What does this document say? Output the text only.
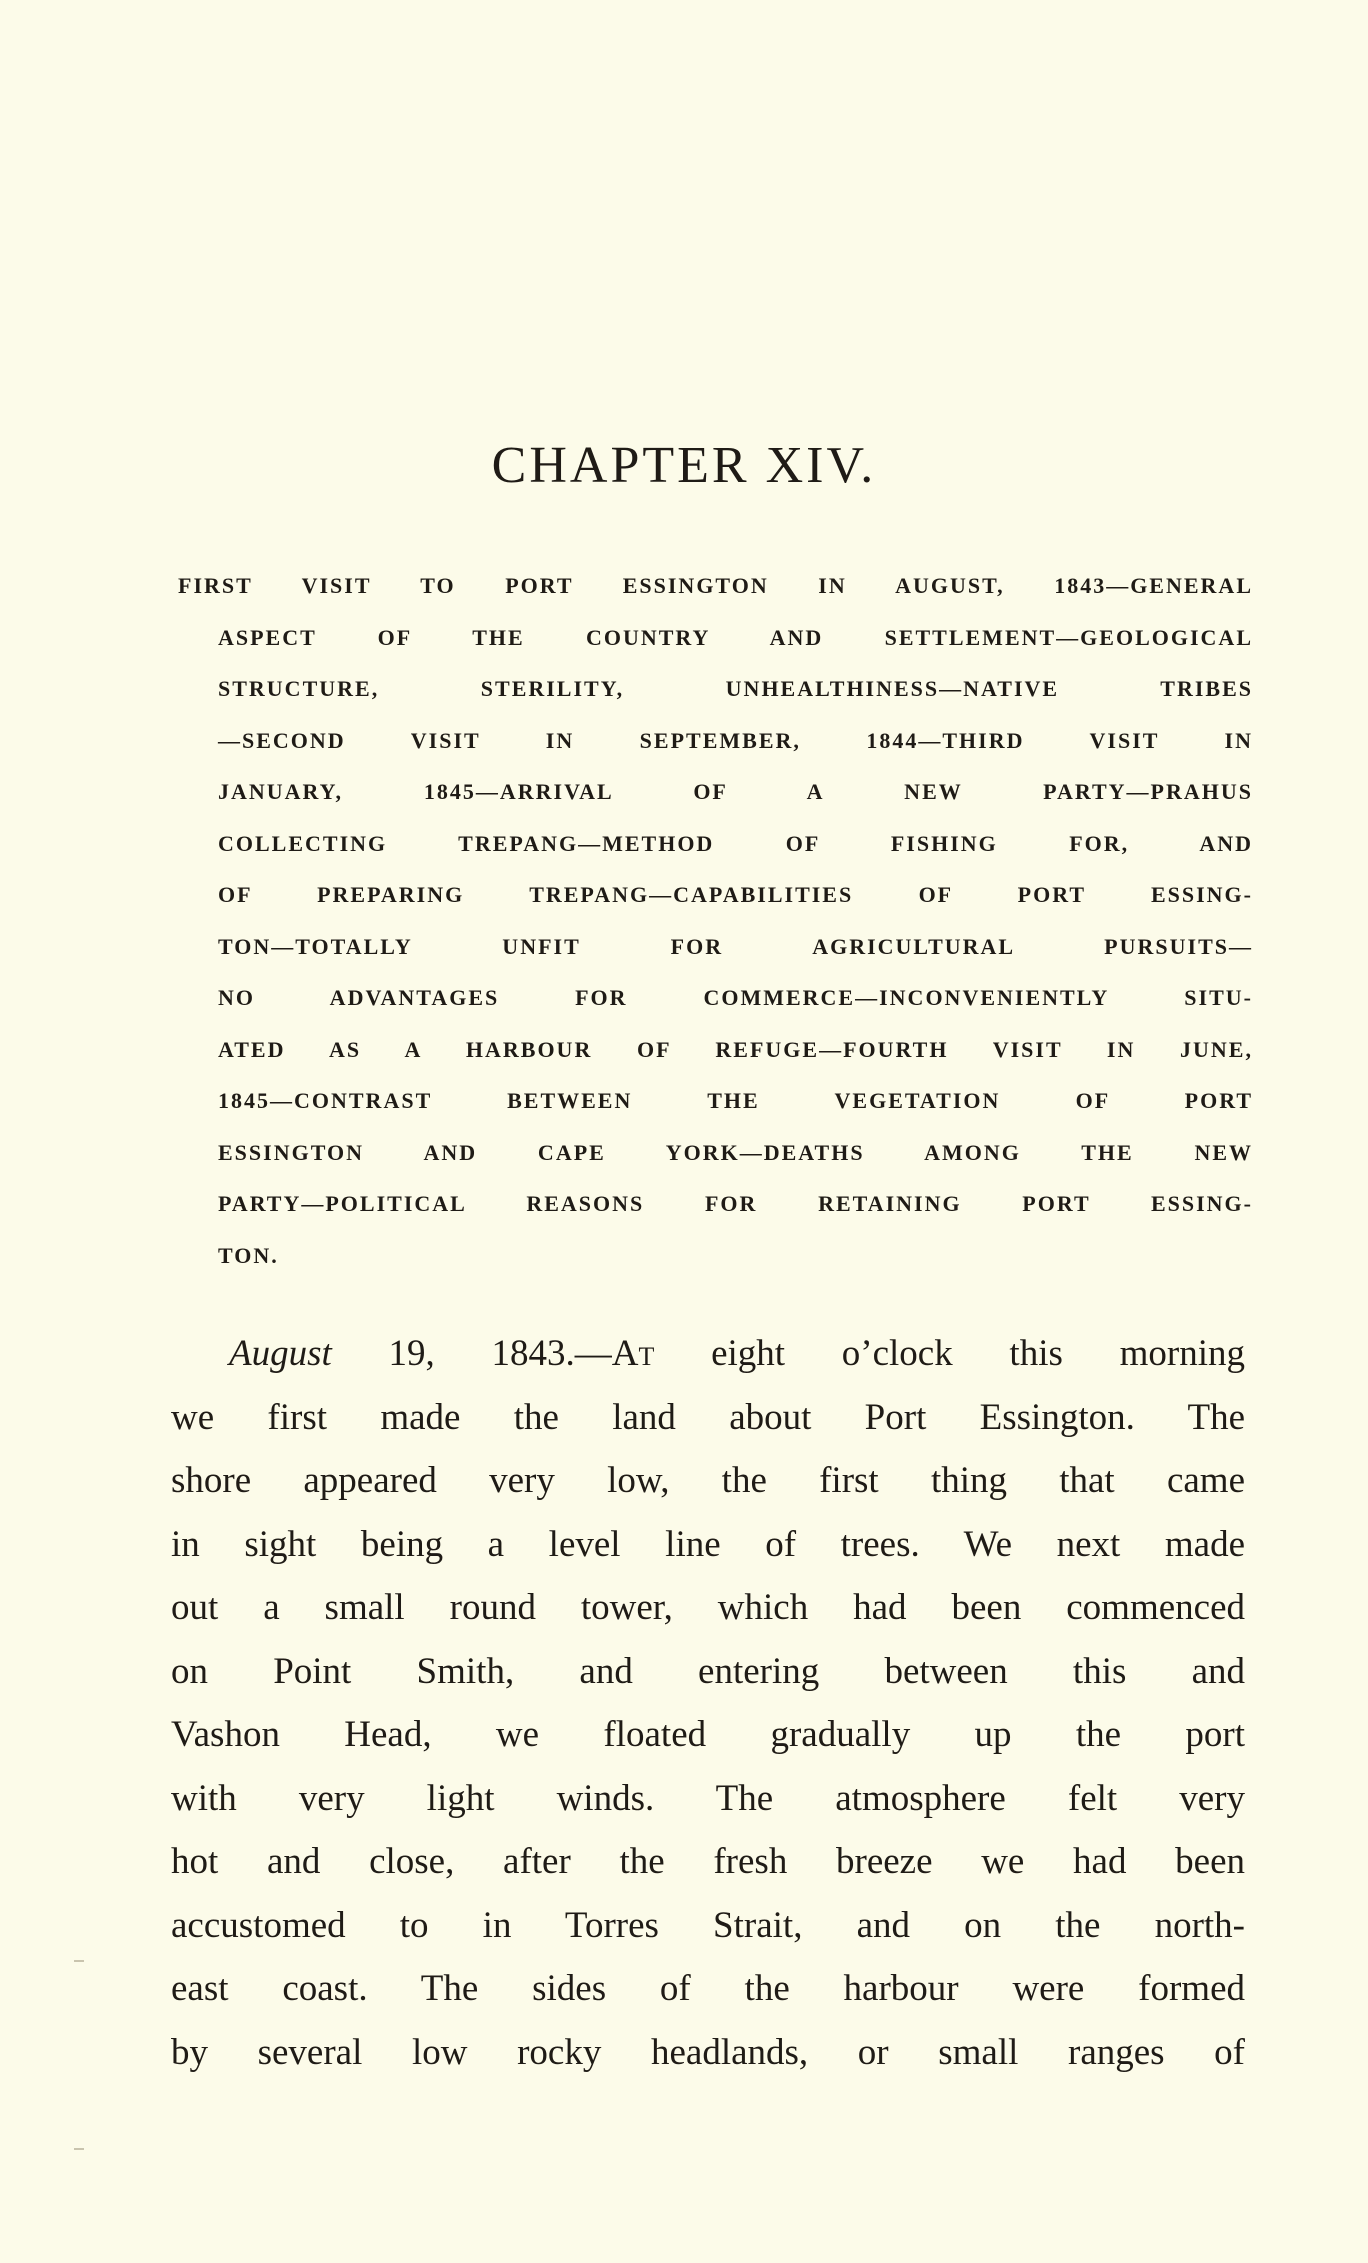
CHAPTER XIV.
FIRST VISIT TO PORT ESSINGTON IN AUGUST, 1843—GENERAL
ASPECT OF THE COUNTRY AND SETTLEMENT—GEOLOGICAL
STRUCTURE, STERILITY, UNHEALTHINESS—NATIVE TRIBES
—SECOND VISIT IN SEPTEMBER, 1844—THIRD VISIT IN
JANUARY, 1845—ARRIVAL OF A NEW PARTY—PRAHUS
COLLECTING TREPANG—METHOD OF FISHING FOR, AND
OF PREPARING TREPANG—CAPABILITIES OF PORT ESSING-
TON—TOTALLY UNFIT FOR AGRICULTURAL PURSUITS—
NO ADVANTAGES FOR COMMERCE—INCONVENIENTLY SITU-
ATED AS A HARBOUR OF REFUGE—FOURTH VISIT IN JUNE,
1845—CONTRAST BETWEEN THE VEGETATION OF PORT
ESSINGTON AND CAPE YORK—DEATHS AMONG THE NEW
PARTY—POLITICAL REASONS FOR RETAINING PORT ESSING-
TON.
August 19, 1843.—At eight o’clock this morning
we first made the land about Port Essington. The
shore appeared very low, the first thing that came
in sight being a level line of trees. We next made
out a small round tower, which had been commenced
on Point Smith, and entering between this and
Vashon Head, we floated gradually up the port
with very light winds. The atmosphere felt very
hot and close, after the fresh breeze we had been
accustomed to in Torres Strait, and on the north-
east coast. The sides of the harbour were formed
by several low rocky headlands, or small ranges of
